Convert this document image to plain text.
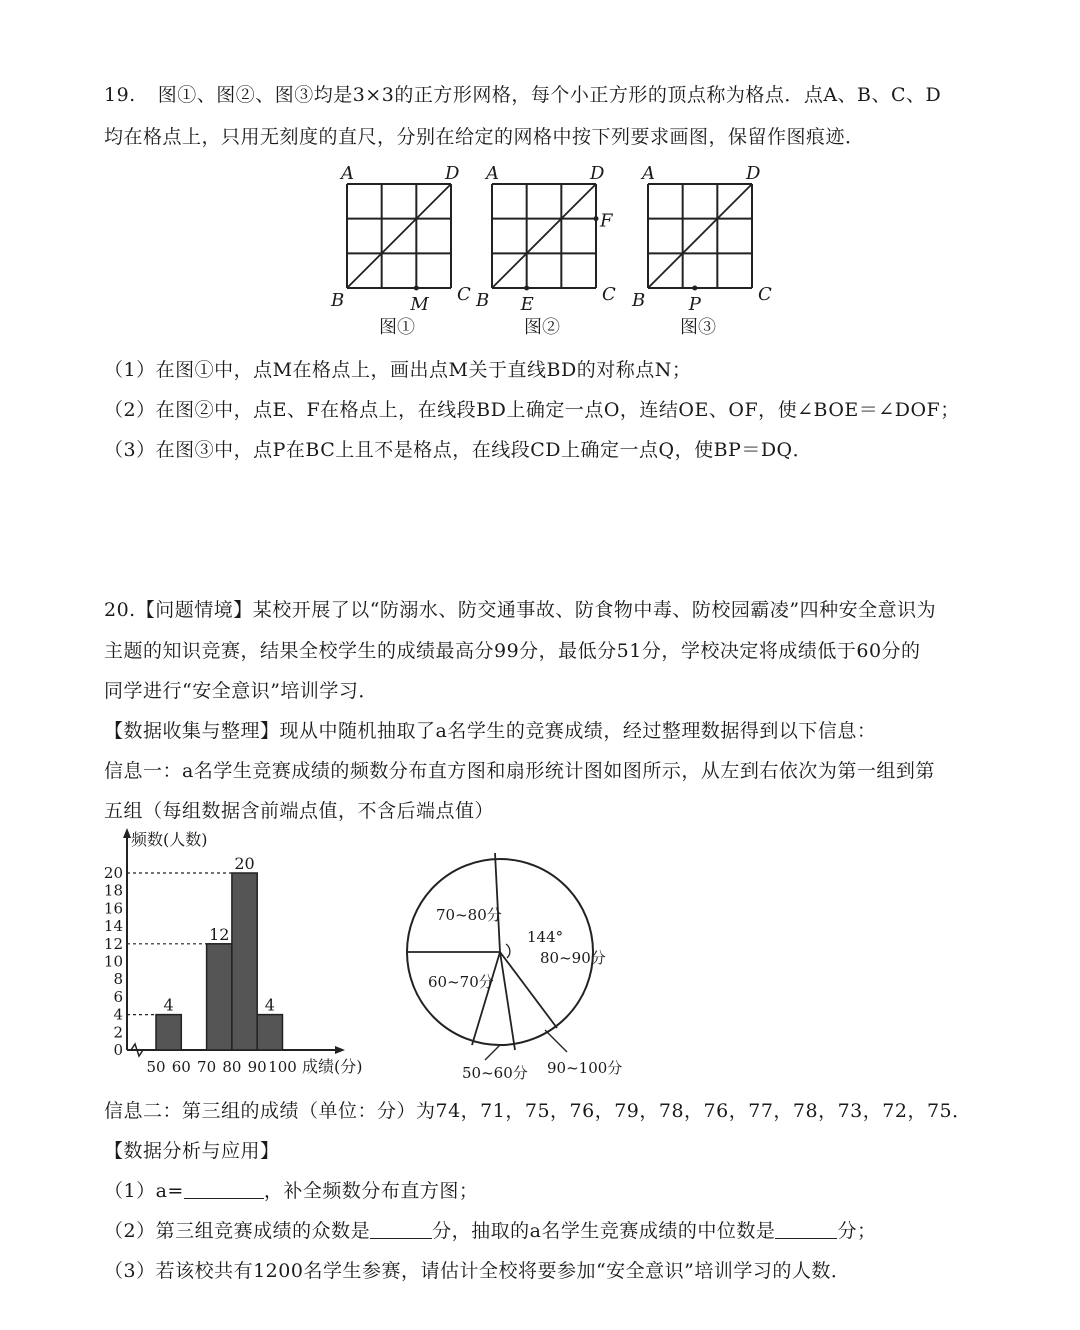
19. 图①、图②、图③均是3×3的正方形网格，每个小正方形的顶点称为格点．点A、B、C、D
均在格点上，只用无刻度的直尺，分别在给定的网格中按下列要求画图，保留作图痕迹．
A	D
B	C
M
图①
A	D
B	C
E
F
图②
A	D
B	C
P
图③
（1）在图①中，点M在格点上，画出点M关于直线BD的对称点N；
（2）在图②中，点E、F在格点上，在线段BD上确定一点O，连结OE、OF，使∠BOE＝∠DOF；
（3）在图③中，点P在BC上且不是格点，在线段CD上确定一点Q，使BP＝DQ．
20.【问题情境】某校开展了以“防溺水、防交通事故、防食物中毒、防校园霸凌”四种安全意识为
主题的知识竞赛，结果全校学生的成绩最高分99分，最低分51分，学校决定将成绩低于60分的
同学进行“安全意识”培训学习．
【数据收集与整理】现从中随机抽取了a名学生的竞赛成绩，经过整理数据得到以下信息：
信息一：a名学生竞赛成绩的频数分布直方图和扇形统计图如图所示，从左到右依次为第一组到第
五组（每组数据含前端点值，不含后端点值）
频数(人数)
0
2
4
6
8
10
12
14
16
18
20
4
12
20
4
50 60 70 80 90 100 成绩(分)
70~80分
80~90分
90~100分
50~60分
60~70分
144°
信息二：第三组的成绩（单位：分）为74，71，75，76，79，78，76，77，78，73，72，75．
【数据分析与应用】
（1）a=	，补全频数分布直方图；
（2）第三组竞赛成绩的众数是	分，抽取的a名学生竞赛成绩的中位数是	分；
（3）若该校共有1200名学生参赛，请估计全校将要参加“安全意识”培训学习的人数．
